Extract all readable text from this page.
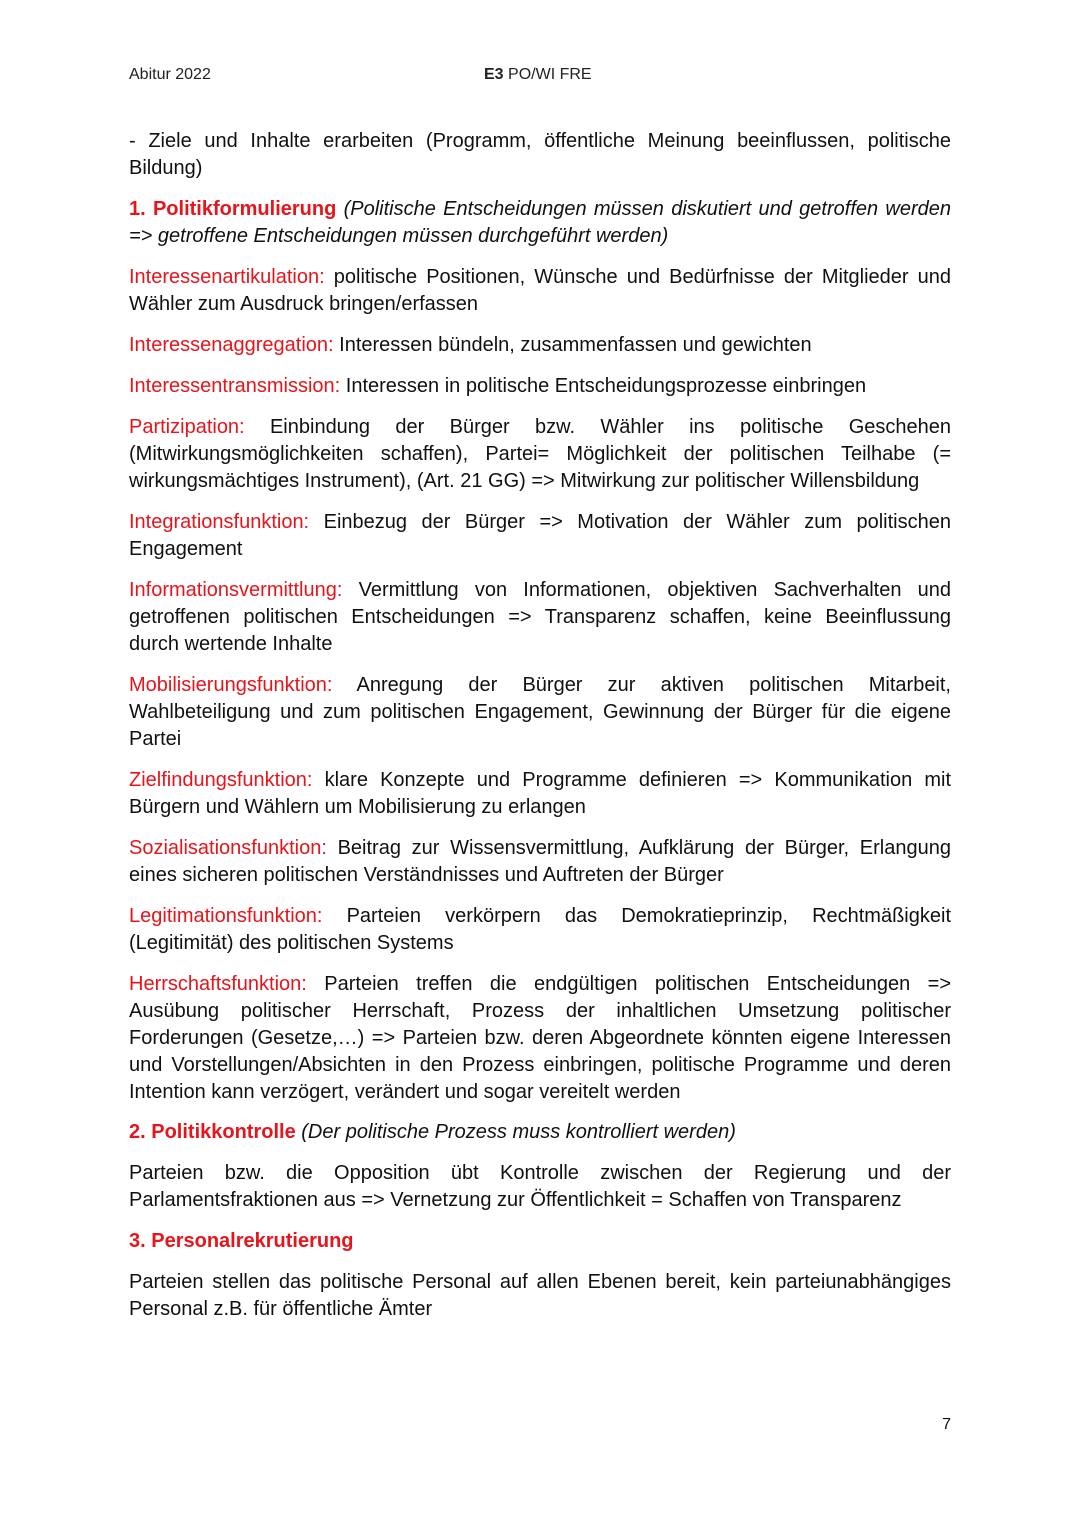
Abitur 2022	E3 PO/WI FRE

- Ziele und Inhalte erarbeiten (Programm, öffentliche Meinung beeinflussen, politische Bildung)

1. Politikformulierung (Politische Entscheidungen müssen diskutiert und getroffen werden => getroffene Entscheidungen müssen durchgeführt werden)

Interessenartikulation: politische Positionen, Wünsche und Bedürfnisse der Mitglieder und Wähler zum Ausdruck bringen/erfassen

Interessenaggregation: Interessen bündeln, zusammenfassen und gewichten

Interessentransmission: Interessen in politische Entscheidungsprozesse einbringen

Partizipation: Einbindung der Bürger bzw. Wähler ins politische Geschehen (Mitwirkungsmöglichkeiten schaffen), Partei= Möglichkeit der politischen Teilhabe (= wirkungsmächtiges Instrument), (Art. 21 GG) => Mitwirkung zur politischer Willensbildung

Integrationsfunktion: Einbezug der Bürger => Motivation der Wähler zum politischen Engagement

Informationsvermittlung: Vermittlung von Informationen, objektiven Sachverhalten und getroffenen politischen Entscheidungen => Transparenz schaffen, keine Beeinflussung durch wertende Inhalte

Mobilisierungsfunktion: Anregung der Bürger zur aktiven politischen Mitarbeit, Wahlbeteiligung und zum politischen Engagement, Gewinnung der Bürger für die eigene Partei

Zielfindungsfunktion: klare Konzepte und Programme definieren => Kommunikation mit Bürgern und Wählern um Mobilisierung zu erlangen

Sozialisationsfunktion: Beitrag zur Wissensvermittlung, Aufklärung der Bürger, Erlangung eines sicheren politischen Verständnisses und Auftreten der Bürger

Legitimationsfunktion: Parteien verkörpern das Demokratieprinzip, Rechtmäßigkeit (Legitimität) des politischen Systems

Herrschaftsfunktion: Parteien treffen die endgültigen politischen Entscheidungen => Ausübung politischer Herrschaft, Prozess der inhaltlichen Umsetzung politischer Forderungen (Gesetze,…) => Parteien bzw. deren Abgeordnete könnten eigene Interessen und Vorstellungen/Absichten in den Prozess einbringen, politische Programme und deren Intention kann verzögert, verändert und sogar vereitelt werden

2. Politikkontrolle (Der politische Prozess muss kontrolliert werden)

Parteien bzw. die Opposition übt Kontrolle zwischen der Regierung und der Parlamentsfraktionen aus => Vernetzung zur Öffentlichkeit = Schaffen von Transparenz

3. Personalrekrutierung

Parteien stellen das politische Personal auf allen Ebenen bereit, kein parteiunabhängiges Personal z.B. für öffentliche Ämter

7
